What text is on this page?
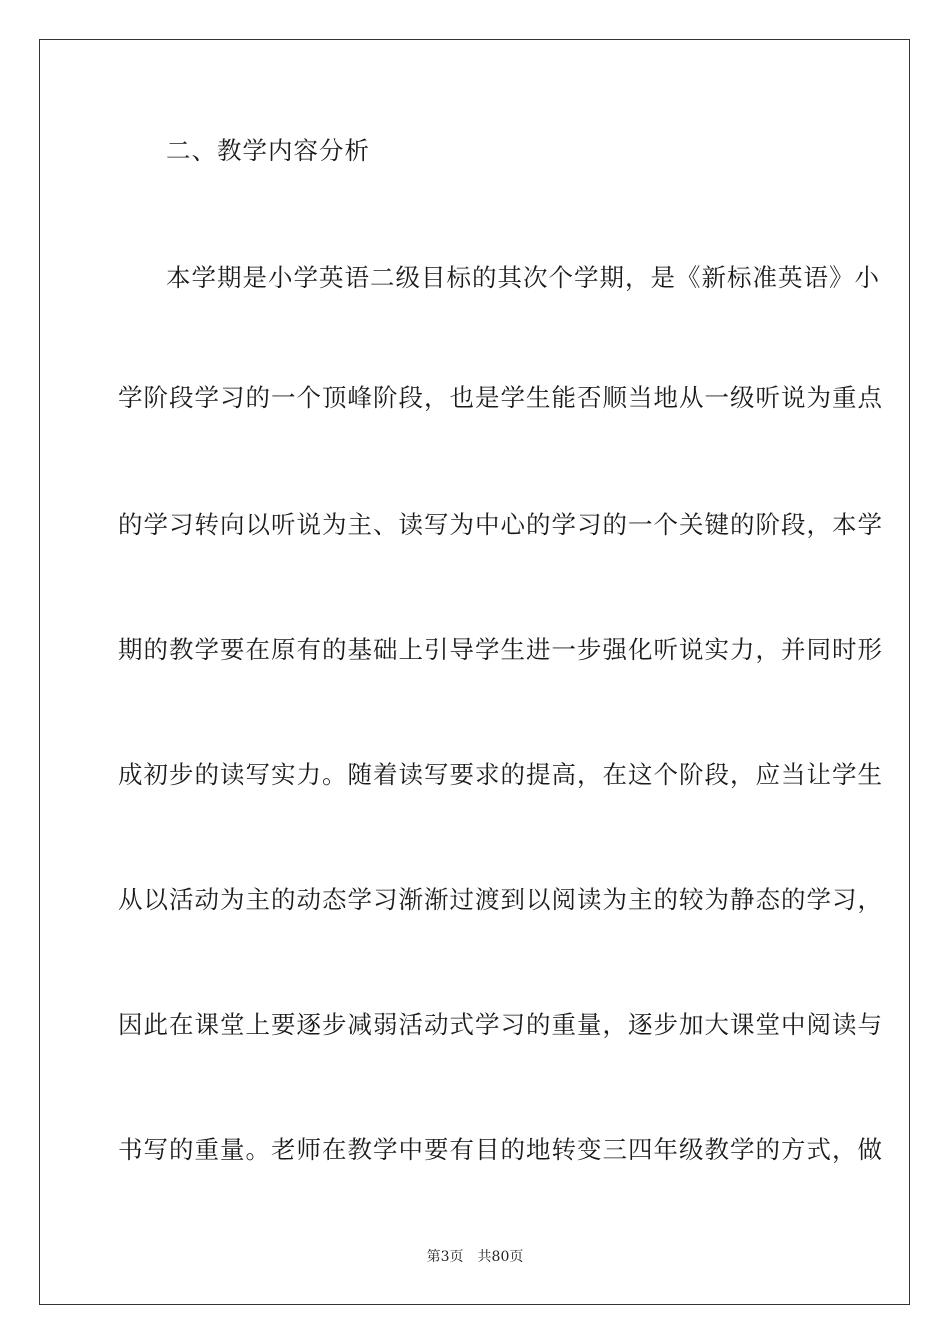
二、教学内容分析
本学期是小学英语二级目标的其次个学期，是《新标准英语》小
学阶段学习的一个顶峰阶段，也是学生能否顺当地从一级听说为重点
的学习转向以听说为主、读写为中心的学习的一个关键的阶段，本学
期的教学要在原有的基础上引导学生进一步强化听说实力，并同时形
成初步的读写实力。随着读写要求的提高，在这个阶段，应当让学生
从以活动为主的动态学习渐渐过渡到以阅读为主的较为静态的学习，
因此在课堂上要逐步减弱活动式学习的重量，逐步加大课堂中阅读与
书写的重量。老师在教学中要有目的地转变三四年级教学的方式，做
第3页 共80页
